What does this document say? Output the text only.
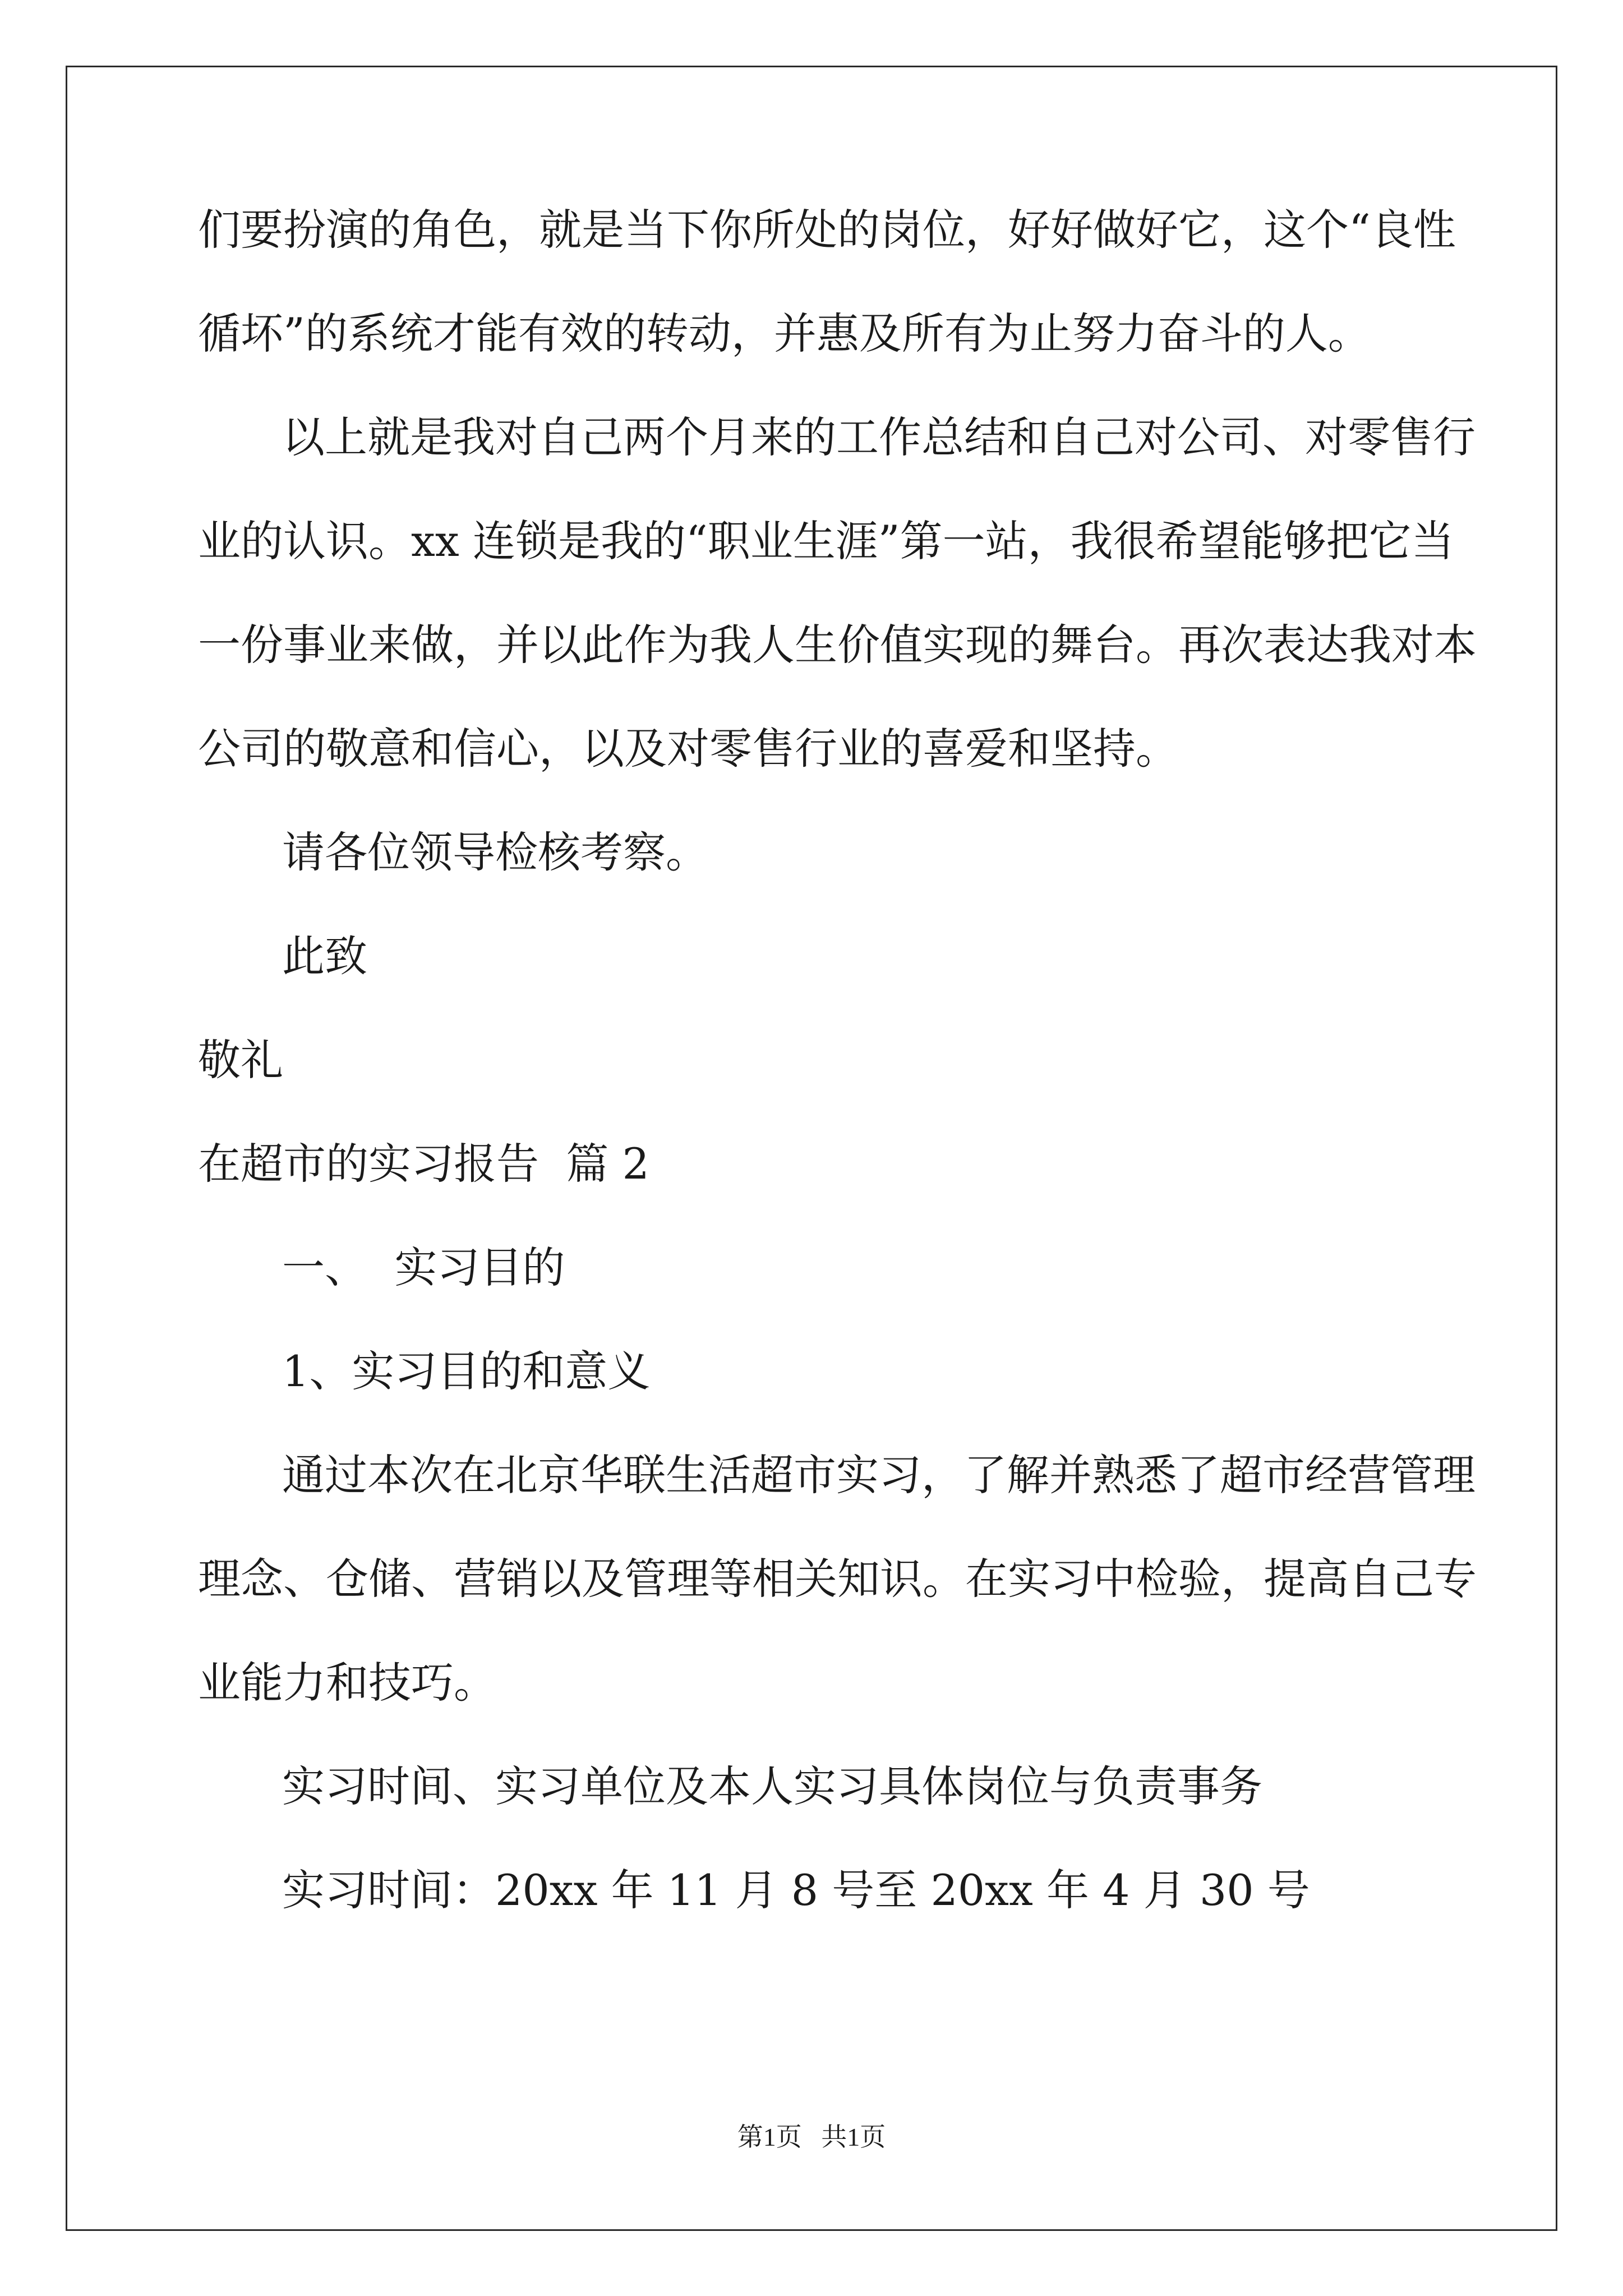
们要扮演的角色，就是当下你所处的岗位，好好做好它，这个“良性
循坏”的系统才能有效的转动，并惠及所有为止努力奋斗的人。
以上就是我对自己两个月来的工作总结和自己对公司、对零售行
业的认识。xx 连锁是我的“职业生涯”第一站，我很希望能够把它当
一份事业来做，并以此作为我人生价值实现的舞台。再次表达我对本
公司的敬意和信心，以及对零售行业的喜爱和坚持。
请各位领导检核考察。
此致
敬礼
在超市的实习报告  篇 2
一、  实习目的
1、实习目的和意义
通过本次在北京华联生活超市实习，了解并熟悉了超市经营管理
理念、仓储、营销以及管理等相关知识。在实习中检验，提高自己专
业能力和技巧。
实习时间、实习单位及本人实习具体岗位与负责事务
实习时间：20xx 年 11 月 8 号至 20xx 年 4 月 30 号
第1页   共1页
